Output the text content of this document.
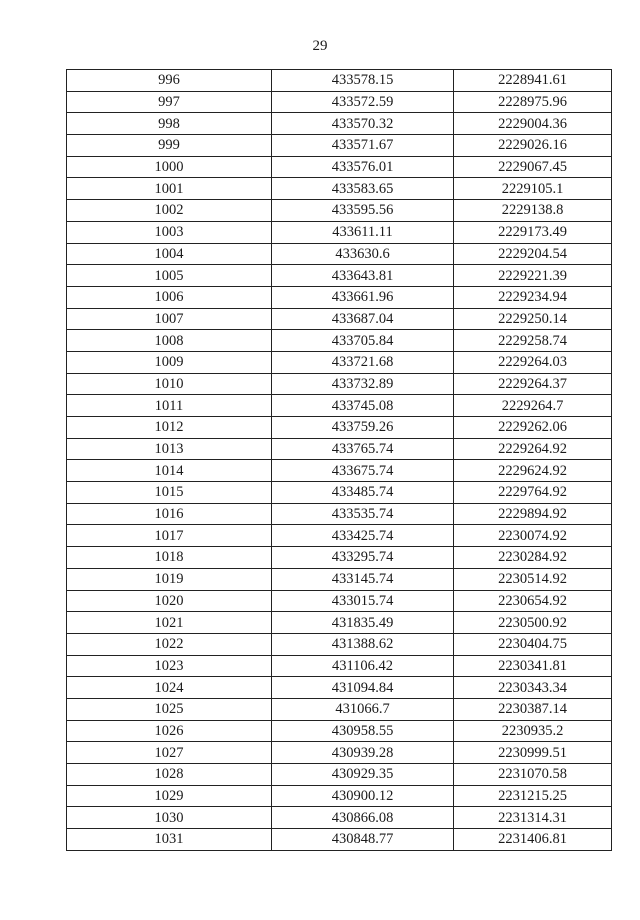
29
996	433578.15	2228941.61
997	433572.59	2228975.96
998	433570.32	2229004.36
999	433571.67	2229026.16
1000	433576.01	2229067.45
1001	433583.65	2229105.1
1002	433595.56	2229138.8
1003	433611.11	2229173.49
1004	433630.6	2229204.54
1005	433643.81	2229221.39
1006	433661.96	2229234.94
1007	433687.04	2229250.14
1008	433705.84	2229258.74
1009	433721.68	2229264.03
1010	433732.89	2229264.37
1011	433745.08	2229264.7
1012	433759.26	2229262.06
1013	433765.74	2229264.92
1014	433675.74	2229624.92
1015	433485.74	2229764.92
1016	433535.74	2229894.92
1017	433425.74	2230074.92
1018	433295.74	2230284.92
1019	433145.74	2230514.92
1020	433015.74	2230654.92
1021	431835.49	2230500.92
1022	431388.62	2230404.75
1023	431106.42	2230341.81
1024	431094.84	2230343.34
1025	431066.7	2230387.14
1026	430958.55	2230935.2
1027	430939.28	2230999.51
1028	430929.35	2231070.58
1029	430900.12	2231215.25
1030	430866.08	2231314.31
1031	430848.77	2231406.81
